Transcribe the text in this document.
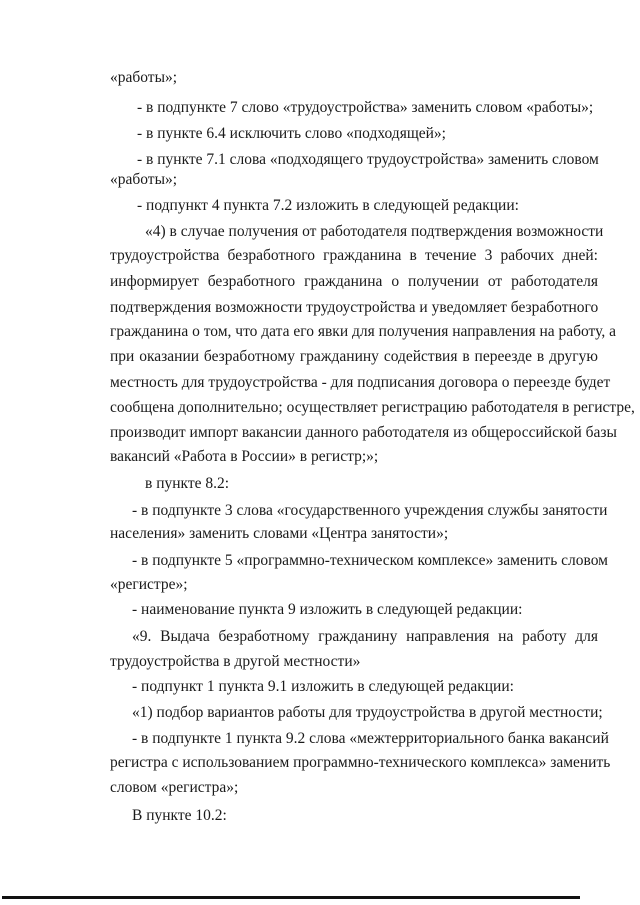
«работы»;
- в подпункте 7 слово «трудоустройства» заменить словом «работы»;
- в пункте 6.4 исключить слово «подходящей»;
- в пункте 7.1 слова «подходящего трудоустройства» заменить словом
«работы»;
- подпункт 4 пункта 7.2 изложить в следующей редакции:
«4) в случае получения от работодателя подтверждения возможности
трудоустройства безработного гражданина в течение 3 рабочих дней:
информирует безработного гражданина о получении от работодателя
подтверждения возможности трудоустройства и уведомляет безработного
гражданина о том, что дата его явки для получения направления на работу, а
при оказании безработному гражданину содействия в переезде в другую
местность для трудоустройства - для подписания договора о переезде будет
сообщена дополнительно; осуществляет регистрацию работодателя в регистре,
производит импорт вакансии данного работодателя из общероссийской базы
вакансий «Работа в России» в регистр;»;
в пункте 8.2:
- в подпункте 3 слова «государственного учреждения службы занятости
населения» заменить словами «Центра занятости»;
- в подпункте 5 «программно-техническом комплексе» заменить словом
«регистре»;
- наименование пункта 9 изложить в следующей редакции:
«9. Выдача безработному гражданину направления на работу для
трудоустройства в другой местности»
- подпункт 1 пункта 9.1 изложить в следующей редакции:
«1) подбор вариантов работы для трудоустройства в другой местности;
- в подпункте 1 пункта 9.2 слова «межтерриториального банка вакансий
регистра с использованием программно-технического комплекса» заменить
словом «регистра»;
В пункте 10.2:
